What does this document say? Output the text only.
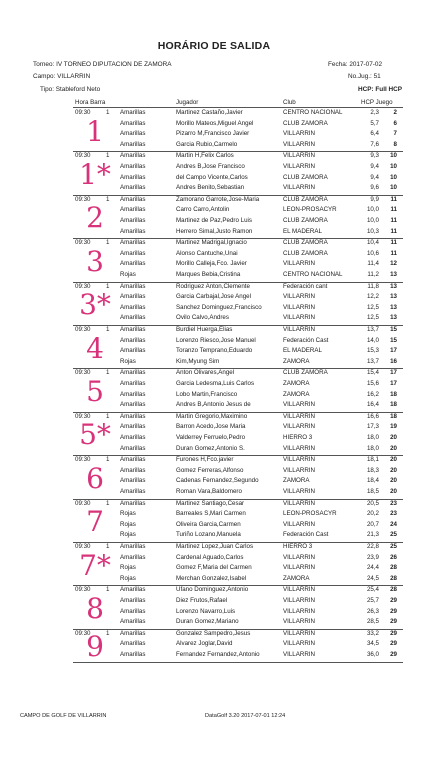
HORÁRIO DE SALIDA
Torneo: IV TORNEO DIPUTACION DE ZAMORA
Campo: VILLARRIN
Tipo: Stableford Neto
Fecha: 2017-07-02
No.Jug.: 51
HCP: Full HCP
Hora Barra	Jugador	Club	HCP Juego
09:30	1
1
Amarillas	Martinez Castaño,Javier	CENTRO NACIONAL	2,3	2
Amarillas	Morillo Mateos,Miguel Angel	CLUB ZAMORA	5,7	6
Amarillas	Pizarro M,Francisco Javier	VILLARRIN	6,4	7
Amarillas	Garcia Rubio,Carmelo	VILLARRIN	7,6	8
09:30	1
1*
Amarillas	Martin H,Felix Carlos	VILLARRIN	9,3	10
Amarillas	Andres B,Jose Francisco	VILLARRIN	9,4	10
Amarillas	del Campo Vicente,Carlos	CLUB ZAMORA	9,4	10
Amarillas	Andres Benito,Sebastian	VILLARRIN	9,6	10
09:30	1
2
Amarillas	Zamorano Garrote,Jose-Maria	CLUB ZAMORA	9,9	11
Amarillas	Carro Carro,Antolin	LEON-PROSACYR	10,0	11
Amarillas	Martinez de Paz,Pedro Luis	CLUB ZAMORA	10,0	11
Amarillas	Herrero Simal,Justo Ramon	EL MADERAL	10,3	11
09:30	1
3
Amarillas	Martinez Madrigal,Ignacio	CLUB ZAMORA	10,4	11
Amarillas	Alonso Cantuche,Unai	CLUB ZAMORA	10,6	11
Amarillas	Morillo Calleja,Fco. Javier	VILLARRIN	11,4	12
Rojas	Marques Bebia,Cristina	CENTRO NACIONAL	11,2	13
09:30	1
3*
Amarillas	Rodriguez Anton,Clemente	Federación cant	11,8	13
Amarillas	Garcia Carbajal,Jose Angel	VILLARRIN	12,2	13
Amarillas	Sanchez Dominguez,Francisco	VILLARRIN	12,5	13
Amarillas	Ovilo Calvo,Andres	VILLARRIN	12,5	13
09:30	1
4
Amarillas	Burdiel Huerga,Elias	VILLARRIN	13,7	15
Amarillas	Lorenzo Riesco,Jose Manuel	Federación Cast	14,0	15
Amarillas	Toranzo Temprano,Eduardo	EL MADERAL	15,3	17
Rojas	Kim,Myung Sim	ZAMORA	13,7	16
09:30	1
5
Amarillas	Anton Olivares,Angel	CLUB ZAMORA	15,4	17
Amarillas	Garcia Ledesma,Luis Carlos	ZAMORA	15,6	17
Amarillas	Lobo Martin,Francisco	ZAMORA	16,2	18
Amarillas	Andres B,Antonio Jesus de	VILLARRIN	16,4	18
09:30	1
5*
Amarillas	Martin Gregorio,Maximino	VILLARRIN	16,6	18
Amarillas	Barron Acedo,Jose Maria	VILLARRIN	17,3	19
Amarillas	Valderrey Ferruelo,Pedro	HIERRO 3	18,0	20
Amarillas	Duran Gomez,Antonio S.	VILLARRIN	18,0	20
09:30	1
6
Amarillas	Furones H,Fco.javier	VILLARRIN	18,1	20
Amarillas	Gomez Ferreras,Alfonso	VILLARRIN	18,3	20
Amarillas	Cadenas Fernandez,Segundo	ZAMORA	18,4	20
Amarillas	Roman Vara,Baldomero	VILLARRIN	18,5	20
09:30	1
7
Amarillas	Martinez Santiago,Cesar	VILLARRIN	20,5	23
Rojas	Barreales S,Mari Carmen	LEON-PROSACYR	20,2	23
Rojas	Oliveira Garcia,Carmen	VILLARRIN	20,7	24
Rojas	Turiño Lozano,Manuela	Federación Cast	21,3	25
09:30	1
7*
Amarillas	Martinez Lopez,Juan Carlos	HIERRO 3	22,8	25
Amarillas	Cardenal Aguado,Carlos	VILLARRIN	23,9	26
Rojas	Gomez F,Maria del Carmen	VILLARRIN	24,4	28
Rojas	Merchan Gonzalez,Isabel	ZAMORA	24,5	28
09:30	1
8
Amarillas	Ufano Dominguez,Antonio	VILLARRIN	25,4	28
Amarillas	Diez Frutos,Rafael	VILLARRIN	25,7	29
Amarillas	Lorenzo Navarro,Luis	VILLARRIN	26,3	29
Amarillas	Duran Gomez,Mariano	VILLARRIN	28,5	29
09:30	1
9	Amarillas	Gonzalez Sampedro,Jesus	VILLARRIN	33,2	29
Amarillas	Alvarez Joglar,David	VILLARRIN	34,5	29
Amarillas	Fernandez Fernandez,Antonio	VILLARRIN	36,0	29
CAMPO DE GOLF DE VILLARRIN	DataGolf 3.20 2017-07-01 12:24
